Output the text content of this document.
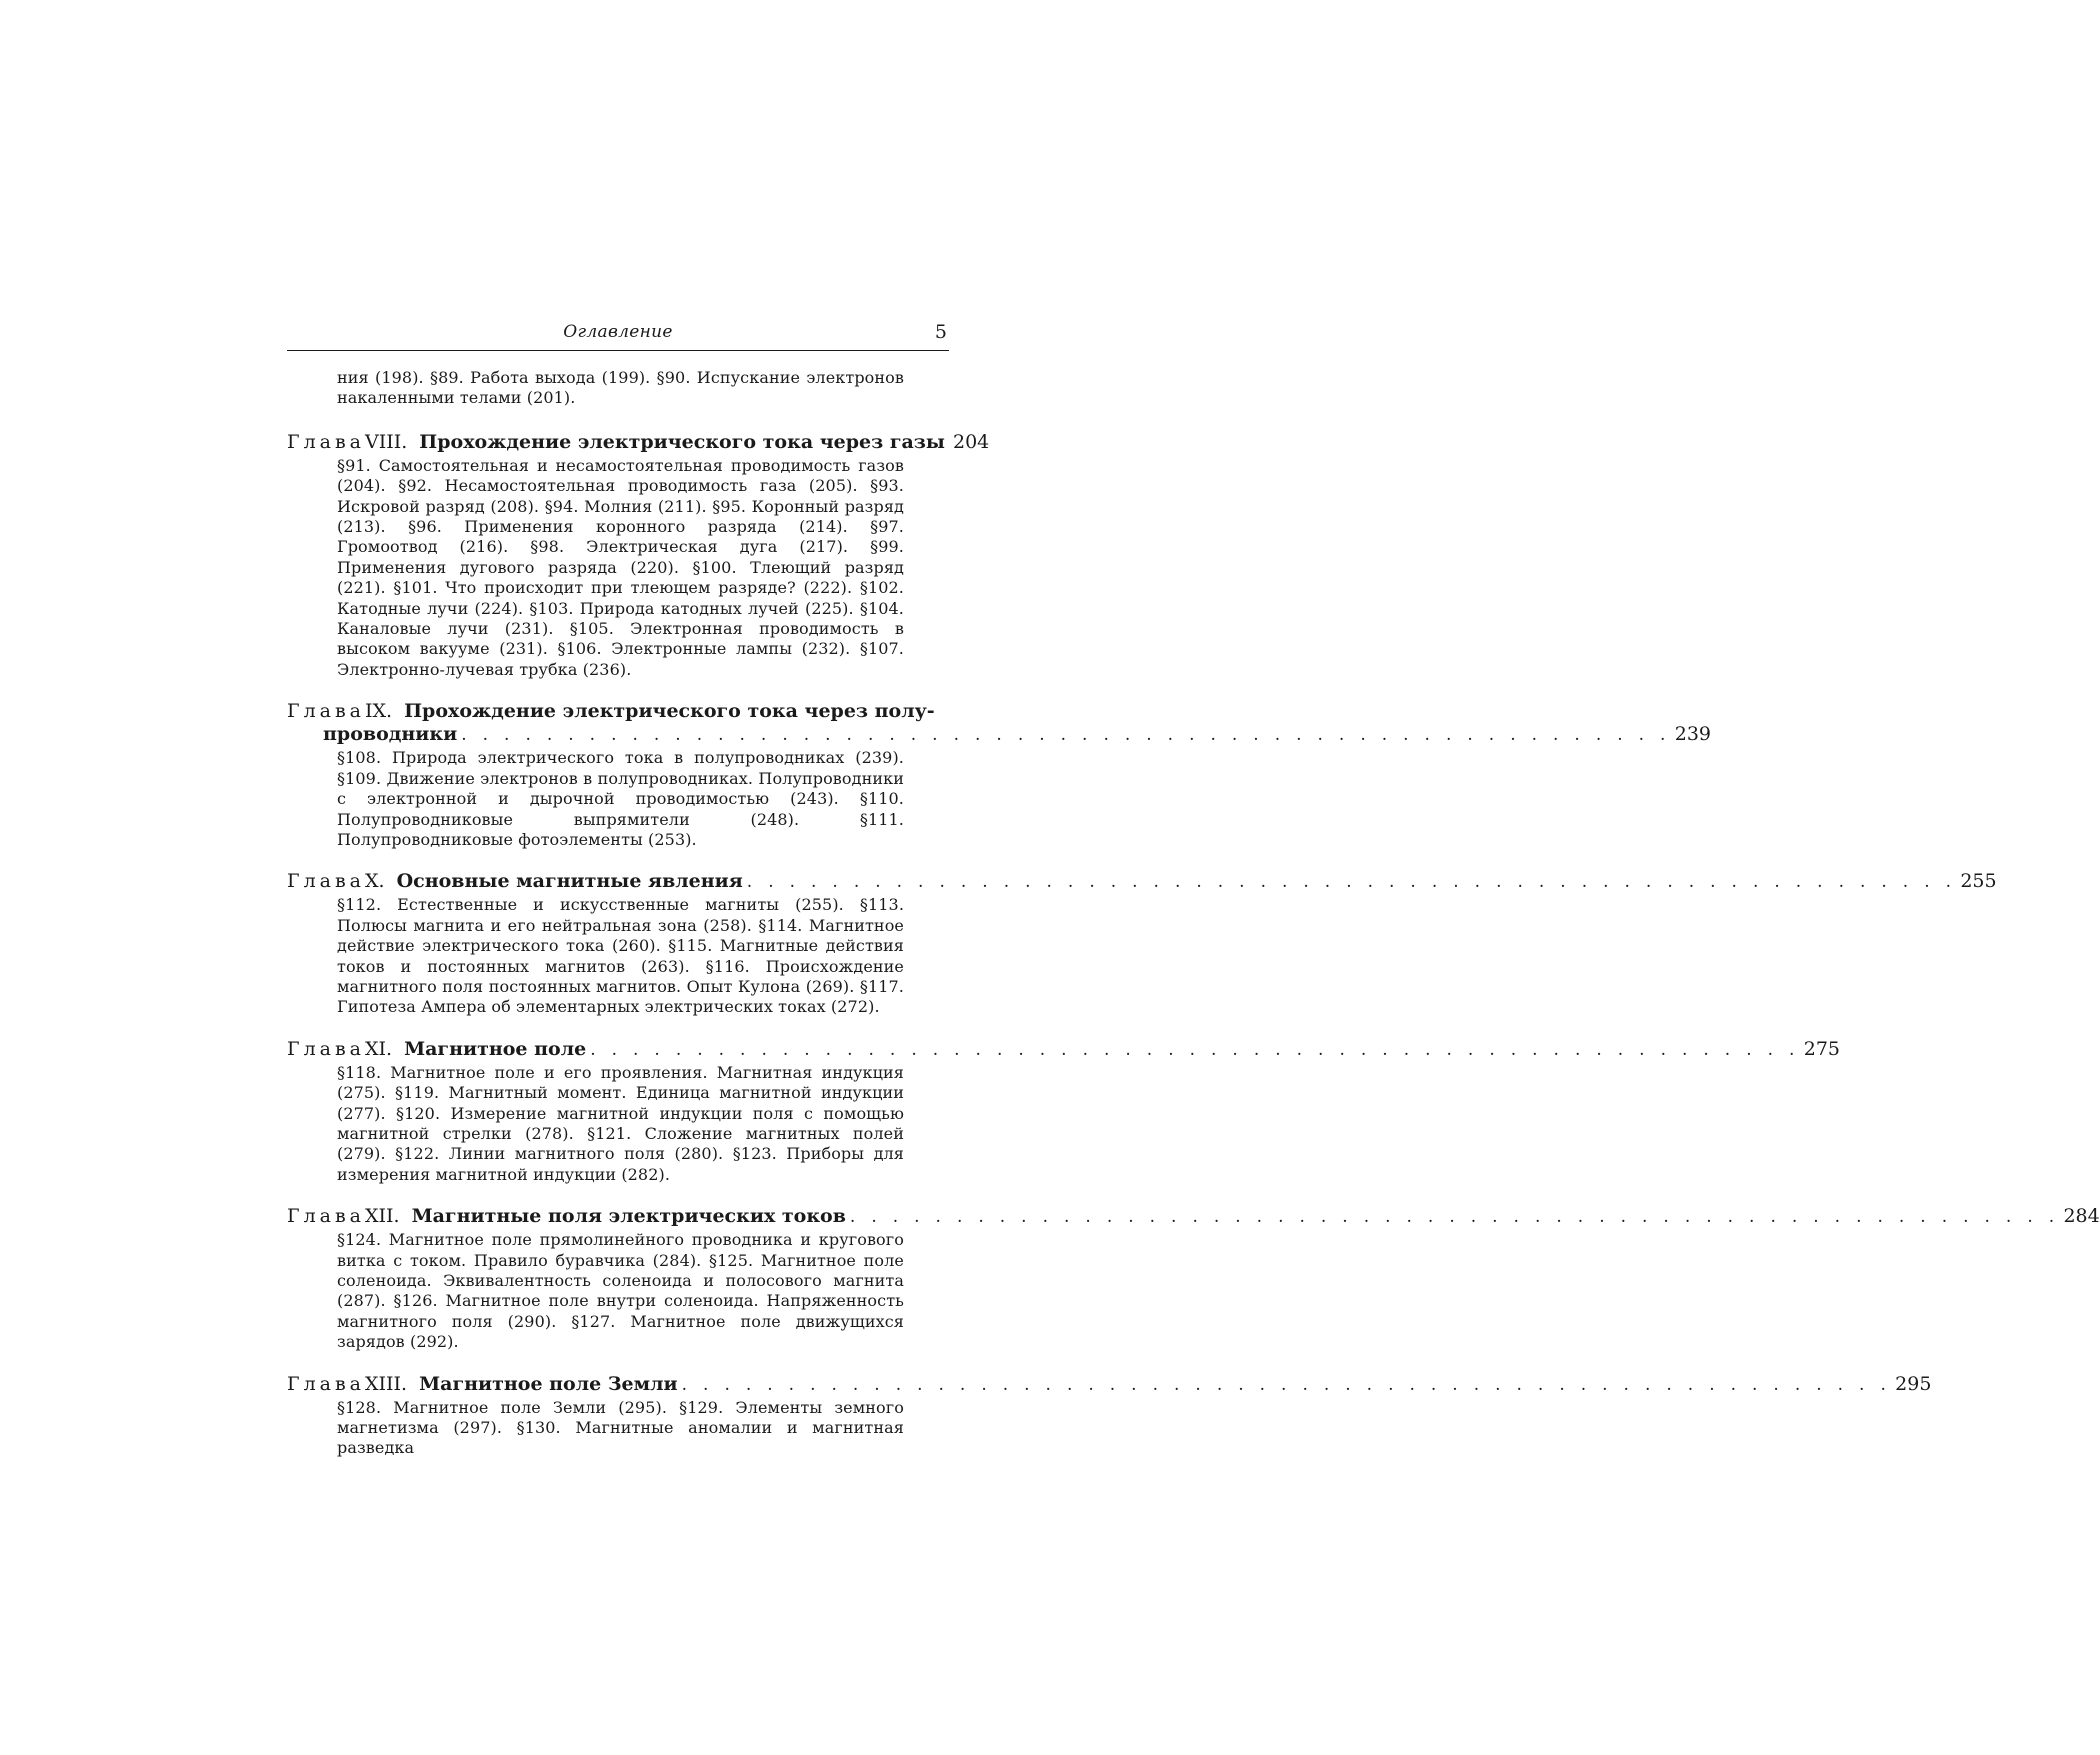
Оглавление	5
ния (198). §89. Работа выхода (199). §90. Испускание электронов накаленными телами (201).
Глава VIII. Прохождение электрического тока через газы 204
§91. Самостоятельная и несамостоятельная проводимость газов (204). §92. Несамостоятельная проводимость газа (205). §93. Искровой разряд (208). §94. Молния (211). §95. Коронный разряд (213). §96. Применения коронного разряда (214). §97. Громоотвод (216). §98. Электрическая дуга (217). §99. Применения дугового разряда (220). §100. Тлеющий разряд (221). §101. Что происходит при тлеющем разряде? (222). §102. Катодные лучи (224). §103. Природа катодных лучей (225). §104. Каналовые лучи (231). §105. Электронная проводимость в высоком вакууме (231). §106. Электронные лампы (232). §107. Электронно-лучевая трубка (236).
Глава IX. Прохождение электрического тока через полу-
проводники . . . . . . . . . . . . . . . . . . . . . . . . . . . . . . . . . . . . . . . . . . . . . . . . . . . . . . . . . 239
§108. Природа электрического тока в полупроводниках (239). §109. Движение электронов в полупроводниках. Полупроводники с электронной и дырочной проводимостью (243). §110. Полупроводниковые выпрямители (248). §111. Полупроводниковые фотоэлементы (253).
Глава X. Основные магнитные явления . . . . . . . . . . . . . . . . . . . . . . . . . . . . . . . . . . . . . . . . . . . . . . . . . . . . . . . . . 255
§112. Естественные и искусственные магниты (255). §113. Полюсы магнита и его нейтральная зона (258). §114. Магнитное действие электрического тока (260). §115. Магнитные действия токов и постоянных магнитов (263). §116. Происхождение магнитного поля постоянных магнитов. Опыт Кулона (269). §117. Гипотеза Ампера об элементарных электрических токах (272).
Глава XI. Магнитное поле . . . . . . . . . . . . . . . . . . . . . . . . . . . . . . . . . . . . . . . . . . . . . . . . . . . . . . . . . 275
§118. Магнитное поле и его проявления. Магнитная индукция (275). §119. Магнитный момент. Единица магнитной индукции (277). §120. Измерение магнитной индукции поля с помощью магнитной стрелки (278). §121. Сложение магнитных полей (279). §122. Линии магнитного поля (280). §123. Приборы для измерения магнитной индукции (282).
Глава XII. Магнитные поля электрических токов . . . . . . . . . . . . . . . . . . . . . . . . . . . . . . . . . . . . . . . . . . . . . . . . . . . . . . . . . 284
§124. Магнитное поле прямолинейного проводника и кругового витка с током. Правило буравчика (284). §125. Магнитное поле соленоида. Эквивалентность соленоида и полосового магнита (287). §126. Магнитное поле внутри соленоида. Напряженность магнитного поля (290). §127. Магнитное поле движущихся зарядов (292).
Глава XIII. Магнитное поле Земли . . . . . . . . . . . . . . . . . . . . . . . . . . . . . . . . . . . . . . . . . . . . . . . . . . . . . . . . . 295
§128. Магнитное поле Земли (295). §129. Элементы земного магнетизма (297). §130. Магнитные аномалии и магнитная разведка
